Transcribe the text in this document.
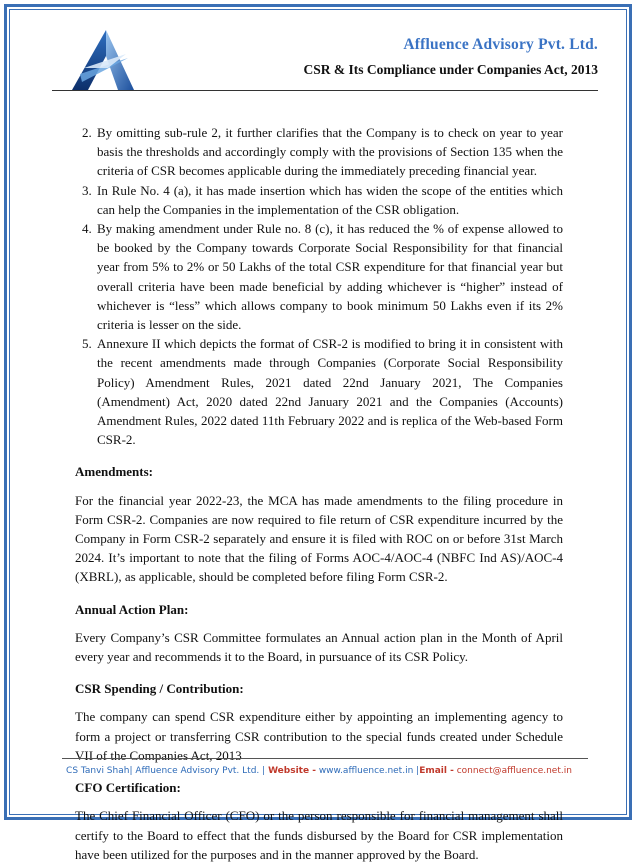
Affluence Advisory Pvt. Ltd.
CSR & Its Compliance under Companies Act, 2013
2. By omitting sub-rule 2, it further clarifies that the Company is to check on year to year basis the thresholds and accordingly comply with the provisions of Section 135 when the criteria of CSR becomes applicable during the immediately preceding financial year.
3. In Rule No. 4 (a), it has made insertion which has widen the scope of the entities which can help the Companies in the implementation of the CSR obligation.
4. By making amendment under Rule no. 8 (c), it has reduced the % of expense allowed to be booked by the Company towards Corporate Social Responsibility for that financial year from 5% to 2% or 50 Lakhs of the total CSR expenditure for that financial year but overall criteria have been made beneficial by adding whichever is “higher” instead of whichever is “less” which allows company to book minimum 50 Lakhs even if its 2% criteria is lesser on the side.
5. Annexure II which depicts the format of CSR-2 is modified to bring it in consistent with the recent amendments made through Companies (Corporate Social Responsibility Policy) Amendment Rules, 2021 dated 22nd January 2021, The Companies (Amendment) Act, 2020 dated 22nd January 2021 and the Companies (Accounts) Amendment Rules, 2022 dated 11th February 2022 and is replica of the Web-based Form CSR-2.
Amendments:

For the financial year 2022-23, the MCA has made amendments to the filing procedure in Form CSR-2. Companies are now required to file return of CSR expenditure incurred by the Company in Form CSR-2 separately and ensure it is filed with ROC on or before 31st March 2024. It’s important to note that the filing of Forms AOC-4/AOC-4 (NBFC Ind AS)/AOC-4 (XBRL), as applicable, should be completed before filing Form CSR-2.

Annual Action Plan:

Every Company’s CSR Committee formulates an Annual action plan in the Month of April every year and recommends it to the Board, in pursuance of its CSR Policy.

CSR Spending / Contribution:

The company can spend CSR expenditure either by appointing an implementing agency to form a project or transferring CSR contribution to the special funds created under Schedule VII of the Companies Act, 2013

CFO Certification:

The Chief Financial Officer (CFO) or the person responsible for financial management shall certify to the Board to effect that the funds disbursed by the Board for CSR implementation have been utilized for the purposes and in the manner approved by the Board.

CS Tanvi Shah| Affluence Advisory Pvt. Ltd. | Website - www.affluence.net.in |Email - connect@affluence.net.in
